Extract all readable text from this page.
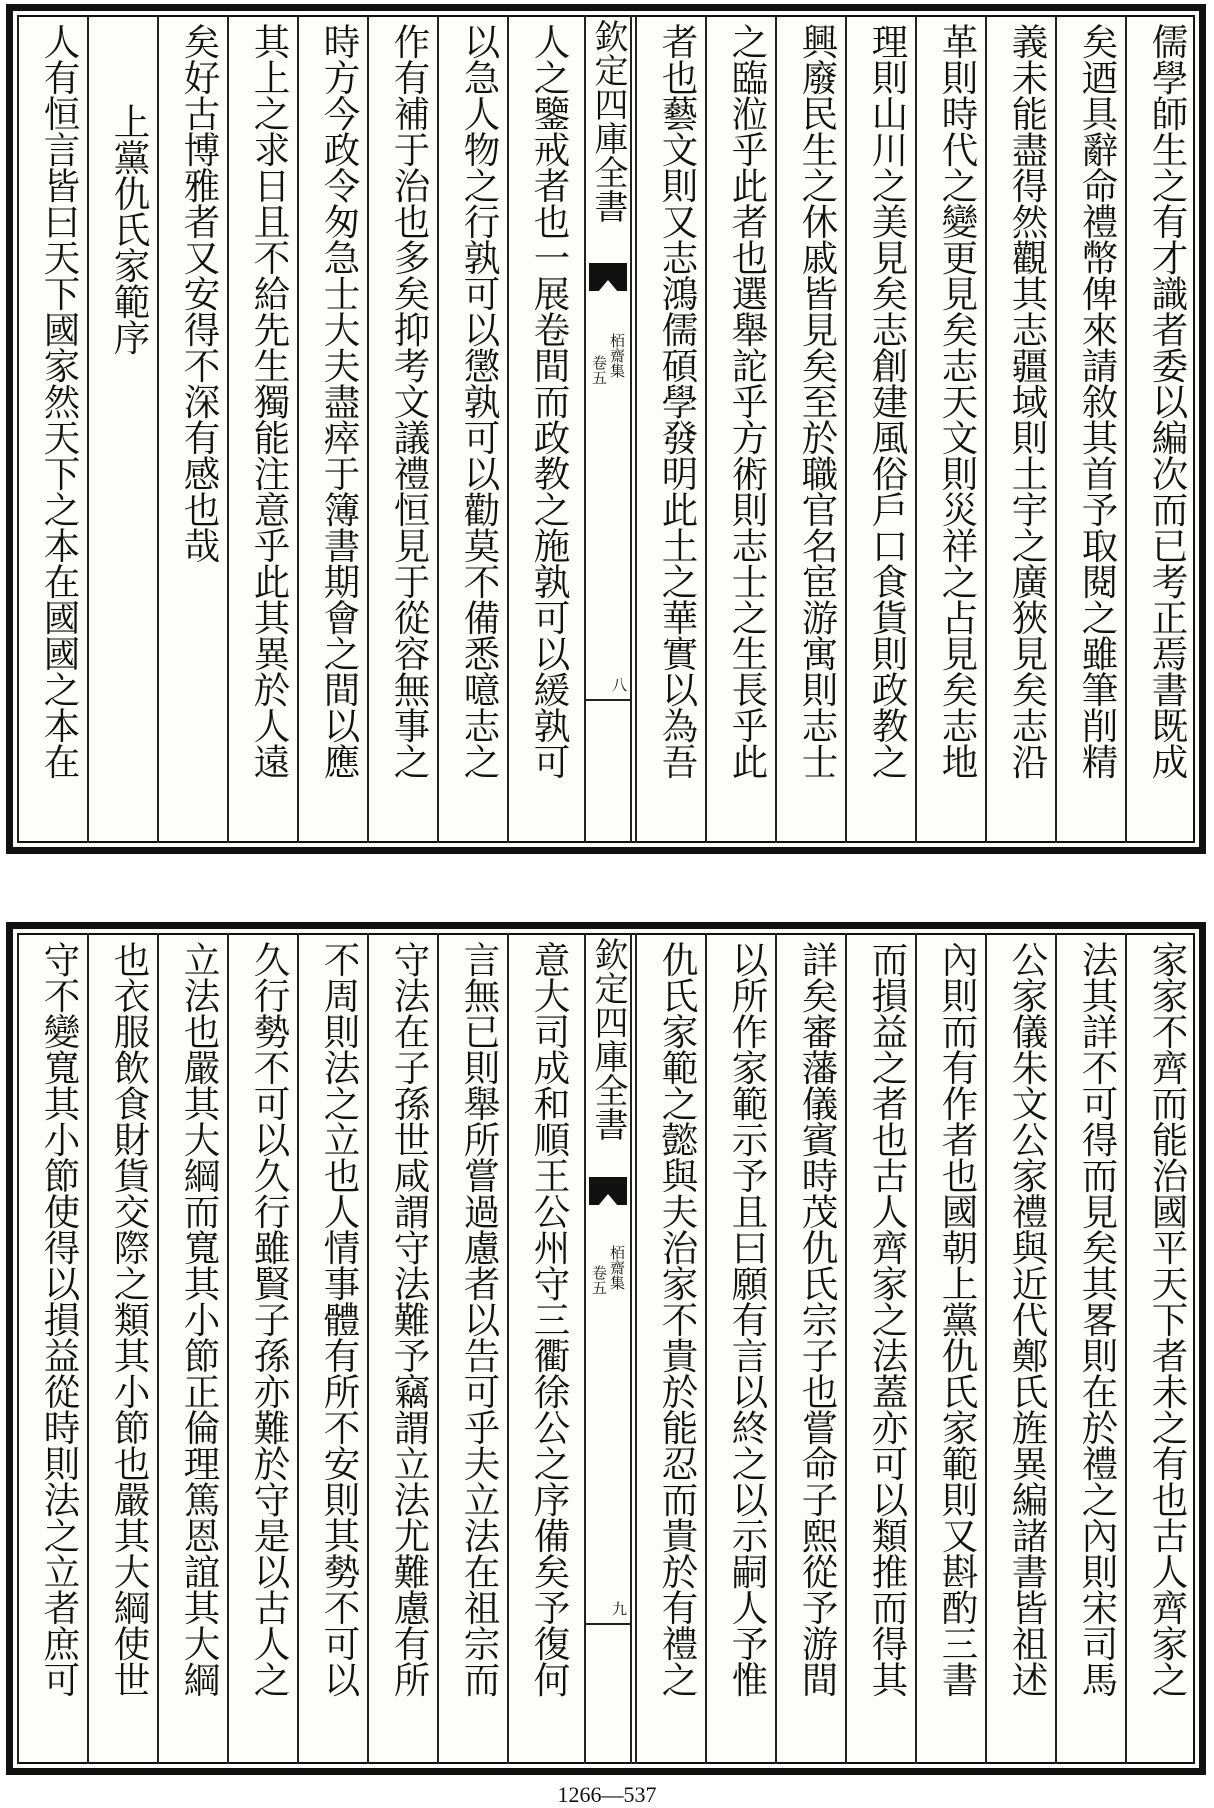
儒學師生之有才識者委以編次而已考正焉書既成
矣迺具辭命禮幣俾來請敘其首予取閱之雖筆削精
義未能盡得然觀其志疆域則土宇之廣狹見矣志沿
革則時代之變更見矣志天文則災祥之占見矣志地
理則山川之美見矣志創建風俗戶口食貨則政教之
興廢民生之休戚皆見矣至於職官名宦游寓則志士
之臨涖乎此者也選舉詑乎方術則志士之生長乎此
者也藝文則又志鴻儒碩學發明此土之華實以為吾
欽定四庫全書
栢齋集
卷五
八
人之鑒戒者也一展卷間而政教之施孰可以緩孰可
以急人物之行孰可以懲孰可以勸莫不備悉噫志之
作有補于治也多矣抑考文議禮恒見于從容無事之
時方今政令匆急士大夫盡瘁于簿書期會之間以應
其上之求日且不給先生獨能注意乎此其異於人遠
矣好古博雅者又安得不深有感也哉
上黨仇氏家範序
人有恒言皆曰天下國家然天下之本在國國之本在
家家不齊而能治國平天下者未之有也古人齊家之
法其詳不可得而見矣其畧則在於禮之內則宋司馬
公家儀朱文公家禮與近代鄭氏旌異編諸書皆祖述
內則而有作者也國朝上黨仇氏家範則又斟酌三書
而損益之者也古人齊家之法蓋亦可以類推而得其
詳矣審藩儀賓時茂仇氏宗子也嘗命子熙從予游間
以所作家範示予且曰願有言以終之以示嗣人予惟
仇氏家範之懿與夫治家不貴於能忍而貴於有禮之
欽定四庫全書
栢齋集
卷五
九
意大司成和順王公州守三衢徐公之序備矣予復何
言無已則舉所嘗過慮者以告可乎夫立法在祖宗而
守法在子孫世咸謂守法難予竊謂立法尤難慮有所
不周則法之立也人情事體有所不安則其勢不可以
久行勢不可以久行雖賢子孫亦難於守是以古人之
立法也嚴其大綱而寬其小節正倫理篤恩誼其大綱
也衣服飲食財貨交際之類其小節也嚴其大綱使世
守不變寬其小節使得以損益從時則法之立者庶可
1266—537
